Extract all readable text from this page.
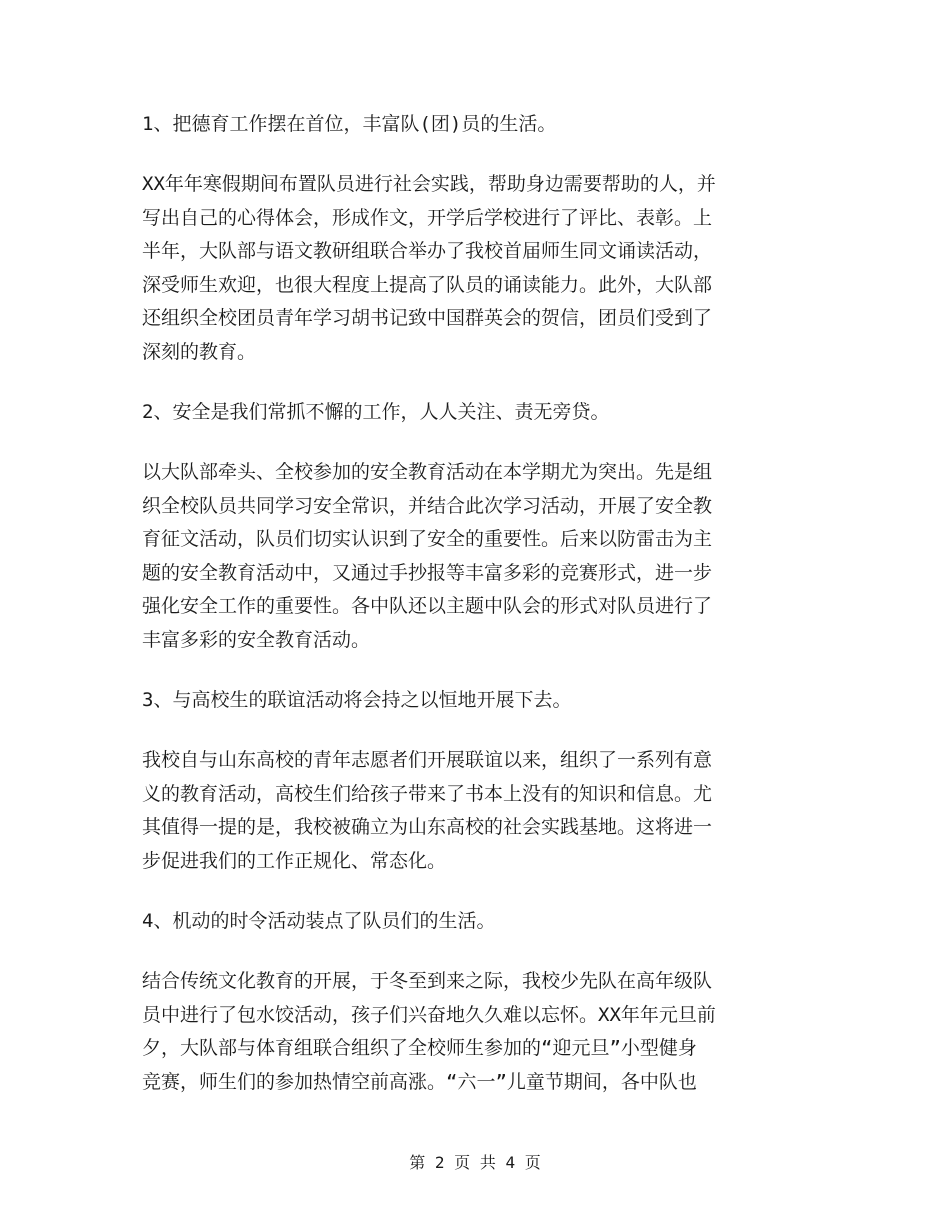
1、把德育工作摆在首位，丰富队(团)员的生活。
XX年年寒假期间布置队员进行社会实践，帮助身边需要帮助的人，并
写出自己的心得体会，形成作文，开学后学校进行了评比、表彰。上
半年，大队部与语文教研组联合举办了我校首届师生同文诵读活动，
深受师生欢迎，也很大程度上提高了队员的诵读能力。此外，大队部
还组织全校团员青年学习胡书记致中国群英会的贺信，团员们受到了
深刻的教育。
2、安全是我们常抓不懈的工作，人人关注、责无旁贷。
以大队部牵头、全校参加的安全教育活动在本学期尤为突出。先是组
织全校队员共同学习安全常识，并结合此次学习活动，开展了安全教
育征文活动，队员们切实认识到了安全的重要性。后来以防雷击为主
题的安全教育活动中，又通过手抄报等丰富多彩的竞赛形式，进一步
强化安全工作的重要性。各中队还以主题中队会的形式对队员进行了
丰富多彩的安全教育活动。
3、与高校生的联谊活动将会持之以恒地开展下去。
我校自与山东高校的青年志愿者们开展联谊以来，组织了一系列有意
义的教育活动，高校生们给孩子带来了书本上没有的知识和信息。尤
其值得一提的是，我校被确立为山东高校的社会实践基地。这将进一
步促进我们的工作正规化、常态化。
4、机动的时令活动装点了队员们的生活。
结合传统文化教育的开展，于冬至到来之际，我校少先队在高年级队
员中进行了包水饺活动，孩子们兴奋地久久难以忘怀。XX年年元旦前
夕，大队部与体育组联合组织了全校师生参加的“迎元旦”小型健身
竞赛，师生们的参加热情空前高涨。“六一”儿童节期间，各中队也
第 2 页 共 4 页
